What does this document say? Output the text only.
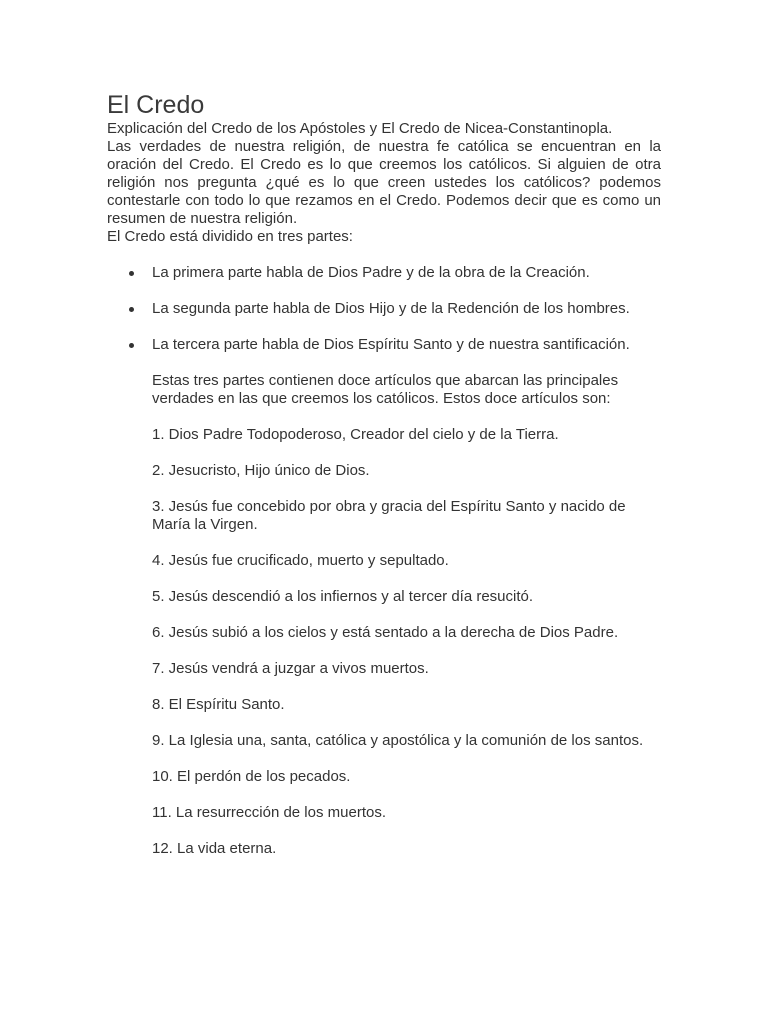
El Credo

Explicación del Credo de los Apóstoles y El Credo de Nicea-Constantinopla.

Las verdades de nuestra religión, de nuestra fe católica se encuentran en la oración del Credo. El Credo es lo que creemos los católicos. Si alguien de otra religión nos pregunta ¿qué es lo que creen ustedes los católicos? podemos contestarle con todo lo que rezamos en el Credo. Podemos decir que es como un resumen de nuestra religión.

El Credo está dividido en tres partes:

La primera parte habla de Dios Padre y de la obra de la Creación.
La segunda parte habla de Dios Hijo y de la Redención de los hombres.
La tercera parte habla de Dios Espíritu Santo y de nuestra santificación.

Estas tres partes contienen doce artículos que abarcan las principales verdades en las que creemos los católicos. Estos doce artículos son:

1. Dios Padre Todopoderoso, Creador del cielo y de la Tierra.

2. Jesucristo, Hijo único de Dios.

3. Jesús fue concebido por obra y gracia del Espíritu Santo y nacido de María la Virgen.

4. Jesús fue crucificado, muerto y sepultado.

5. Jesús descendió a los infiernos y al tercer día resucitó.

6. Jesús subió a los cielos y está sentado a la derecha de Dios Padre.

7. Jesús vendrá a juzgar a vivos muertos.

8. El Espíritu Santo.

9. La Iglesia una, santa, católica y apostólica y la comunión de los santos.

10. El perdón de los pecados.

11. La resurrección de los muertos.

12. La vida eterna.
